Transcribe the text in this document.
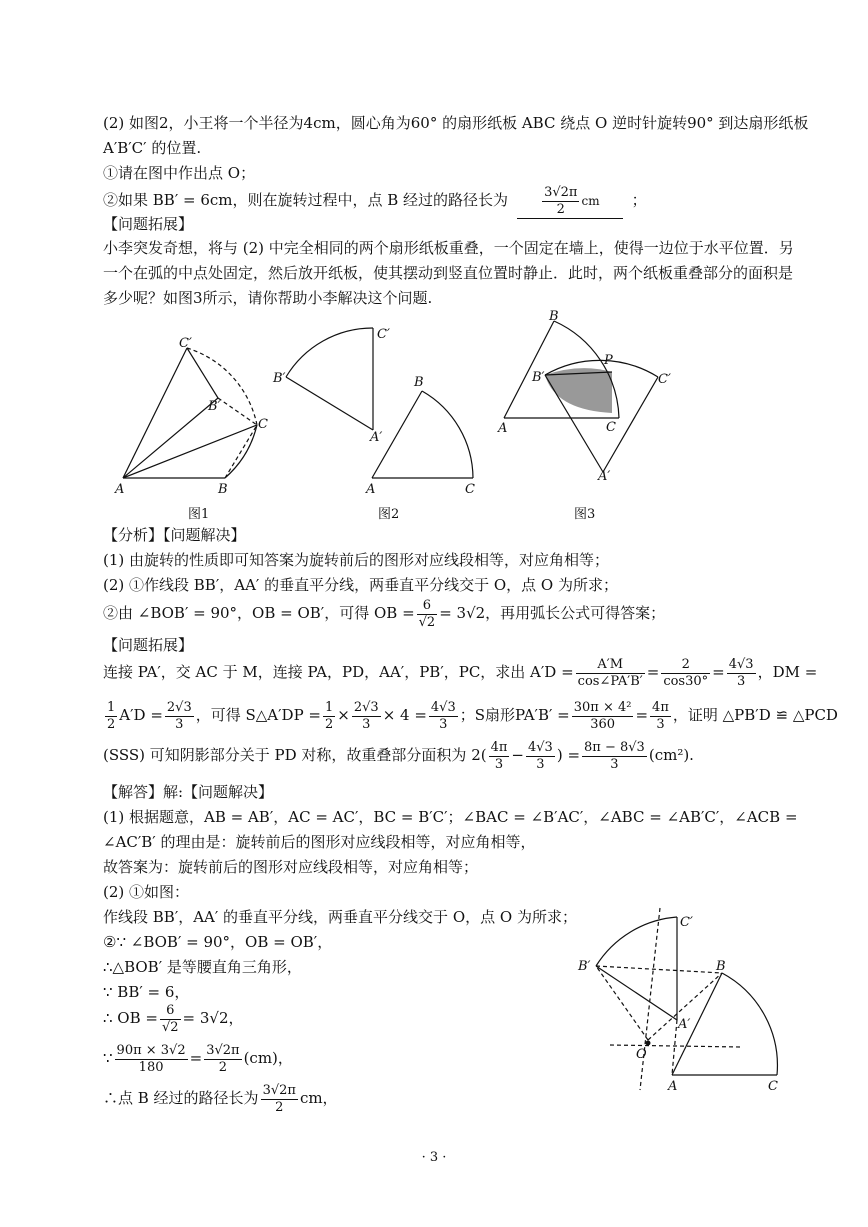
(2) 如图2，小王将一个半径为4cm，圆心角为60° 的扇形纸板 ABC 绕点 O 逆时针旋转90° 到达扇形纸板
A′B′C′ 的位置.
①请在图中作出点 O；
②如果 BB′ = 6cm，则在旋转过程中，点 B 经过的路径长为	$\frac{3√2\pi}{2}$ cm ；
【问题拓展】
小李突发奇想，将与 (2) 中完全相同的两个扇形纸板重叠，一个固定在墙上，使得一边位于水平位置．另
一个在弧的中点处固定，然后放开纸板，使其摆动到竖直位置时静止．此时，两个纸板重叠部分的面积是
多少呢？如图3所示，请你帮助小李解决这个问题.
A	B
C
B′
C′
A	C
B
A′
B′
C′
A
B
C
P
B′	C′
A′
图1	图2	图3
【分析】【问题解决】
(1) 由旋转的性质即可知答案为旋转前后的图形对应线段相等，对应角相等；
(2) ①作线段 BB′，AA′ 的垂直平分线，两垂直平分线交于 O，点 O 为所求；
②由 ∠BOB′ = 90°，OB = OB′，可得 OB = $\frac{6}{√2} = 3√2$，再用弧长公式可得答案；
【问题拓展】
连接 PA′，交 AC 于 M，连接 PA，PD，AA′，PB′，PC，求出 $A'D = \frac{A'M}{\cos\angle PA'B'} = \frac{2}{\cos 30^\circ} = \frac{4√3}{3}$ ，DM =
$\frac{1}{2} A'D = \frac{2√3}{3}$ ，可得 S△A′DP = $\frac{1}{2} \times \frac{2√3}{3} \times 4 = \frac{4√3}{3}$ ；S扇形$PA'B' = \frac{\text{30π × 4²}}{360} = \frac{4\pi}{3}$ ，证明 △PB′D ≌ △PCD
(SSS) 可知阴影部分关于 PD 对称，故重叠部分面积为 $2( \frac{4\pi}{3} - \frac{4√3}{3}$ ) = $\frac{8\pi - 8√3}{3} (cm^2)$.
【解答】解:【问题解决】
(1) 根据题意，AB = AB′，AC = AC′，BC = B′C′；∠BAC = ∠B′AC′，∠ABC = ∠AB′C′，∠ACB =
∠AC′B′ 的理由是：旋转前后的图形对应线段相等，对应角相等，
故答案为：旋转前后的图形对应线段相等，对应角相等；
(2) ①如图：
作线段 BB′，AA′ 的垂直平分线，两垂直平分线交于 O，点 O 为所求；
②∵ ∠BOB′ = 90°，OB = OB′，
∴△BOB′ 是等腰直角三角形，
∵ BB′ = 6，
∴ OB = $\frac{6}{√2} = 3√2$，
∵ $\frac{90\pi \times 3√2}{180} = \frac{3√2\pi}{2} (cm)$，
∴点 B 经过的路径长为 $\frac{3√2\pi}{2}$ cm，
A	C
B
O
A′
B′
C′
· 3 ·
